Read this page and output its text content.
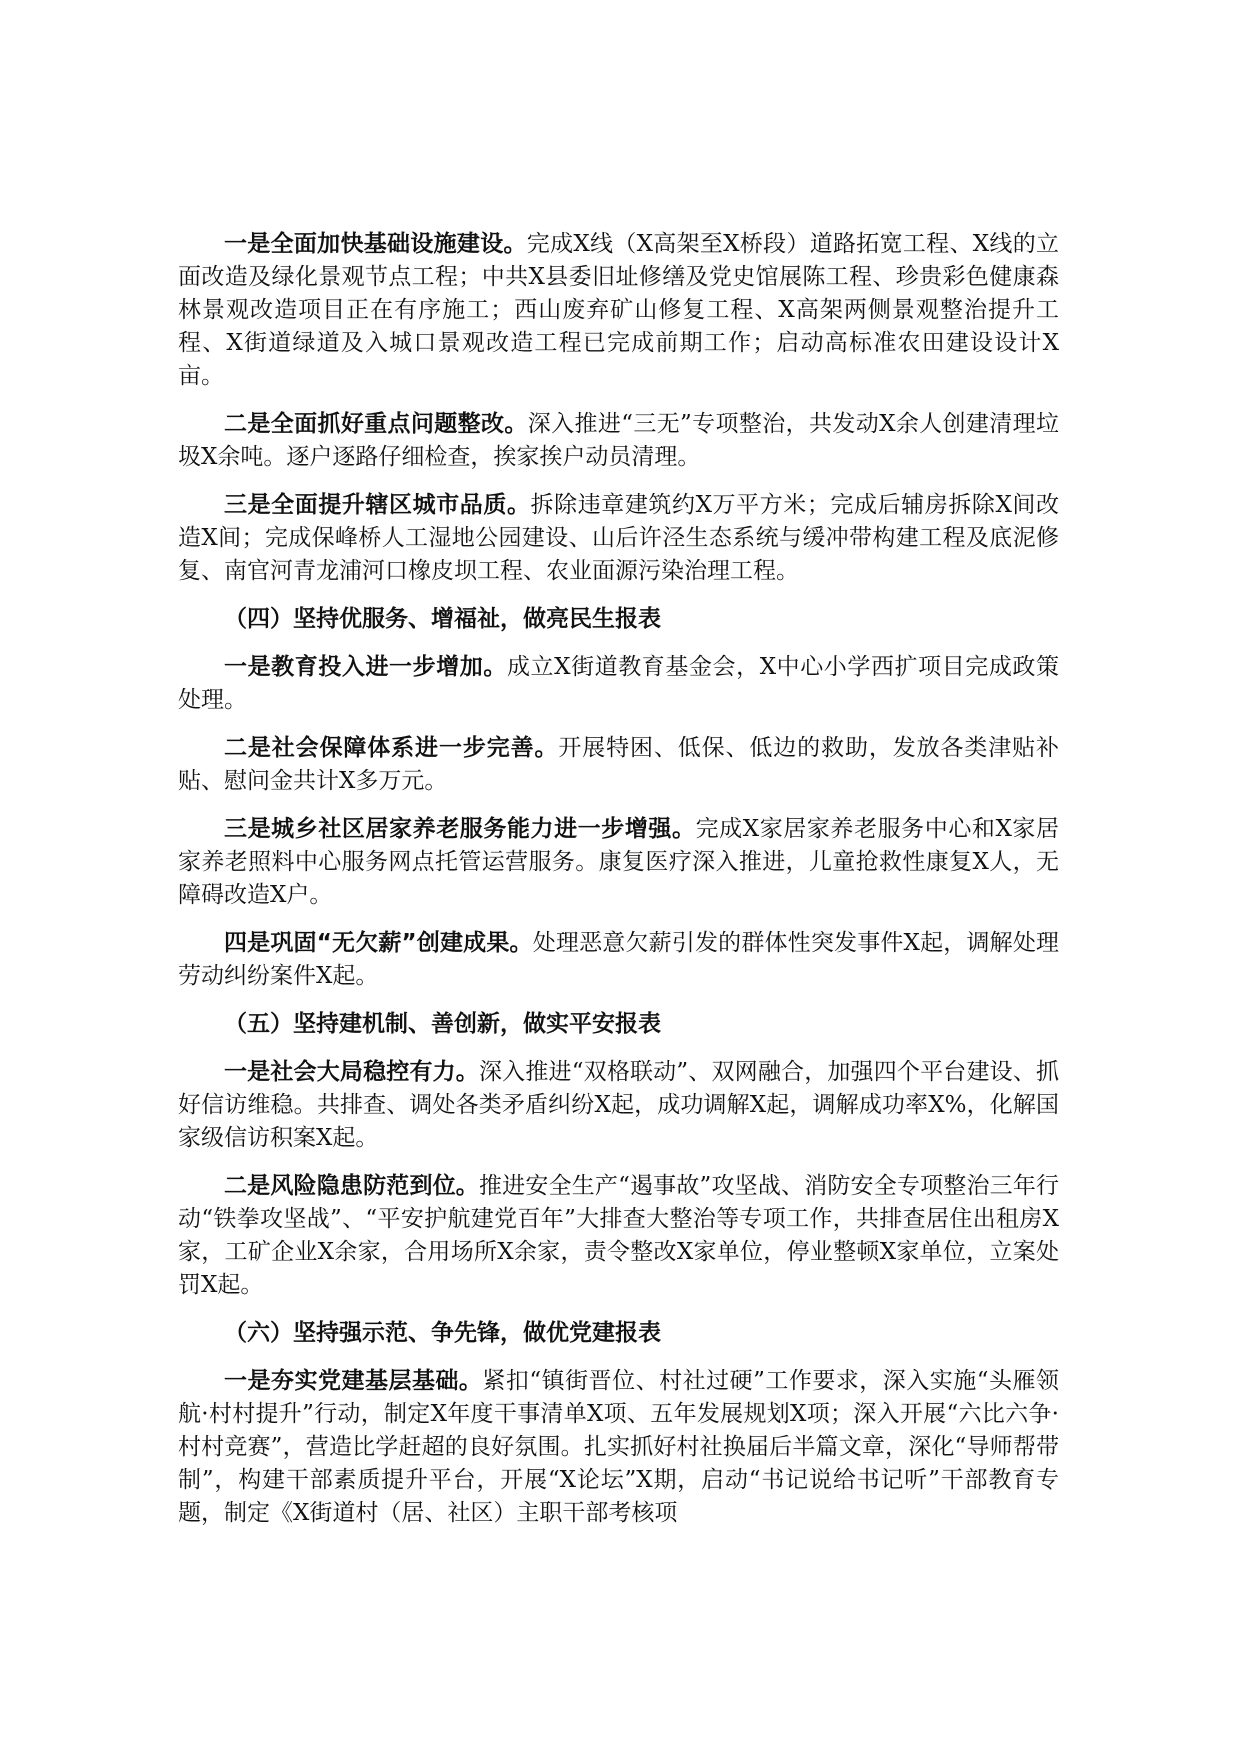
一是全面加快基础设施建设。完成X线（X高架至X桥段）道路拓宽工程、X线的立面改造及绿化景观节点工程；中共X县委旧址修缮及党史馆展陈工程、珍贵彩色健康森林景观改造项目正在有序施工；西山废弃矿山修复工程、X高架两侧景观整治提升工程、X街道绿道及入城口景观改造工程已完成前期工作；启动高标准农田建设设计X亩。

二是全面抓好重点问题整改。深入推进“三无”专项整治，共发动X余人创建清理垃圾X余吨。逐户逐路仔细检查，挨家挨户动员清理。

三是全面提升辖区城市品质。拆除违章建筑约X万平方米；完成后辅房拆除X间改造X间；完成保峰桥人工湿地公园建设、山后许泾生态系统与缓冲带构建工程及底泥修复、南官河青龙浦河口橡皮坝工程、农业面源污染治理工程。

（四）坚持优服务、增福祉，做亮民生报表

一是教育投入进一步增加。成立X街道教育基金会，X中心小学西扩项目完成政策处理。

二是社会保障体系进一步完善。开展特困、低保、低边的救助，发放各类津贴补贴、慰问金共计X多万元。

三是城乡社区居家养老服务能力进一步增强。完成X家居家养老服务中心和X家居家养老照料中心服务网点托管运营服务。康复医疗深入推进，儿童抢救性康复X人，无障碍改造X户。

四是巩固“无欠薪”创建成果。处理恶意欠薪引发的群体性突发事件X起，调解处理劳动纠纷案件X起。

（五）坚持建机制、善创新，做实平安报表

一是社会大局稳控有力。深入推进“双格联动”、双网融合，加强四个平台建设、抓好信访维稳。共排查、调处各类矛盾纠纷X起，成功调解X起，调解成功率X%，化解国家级信访积案X起。

二是风险隐患防范到位。推进安全生产“遏事故”攻坚战、消防安全专项整治三年行动“铁拳攻坚战”、“平安护航建党百年”大排查大整治等专项工作，共排查居住出租房X家，工矿企业X余家，合用场所X余家，责令整改X家单位，停业整顿X家单位，立案处罚X起。

（六）坚持强示范、争先锋，做优党建报表

一是夯实党建基层基础。紧扣“镇街晋位、村社过硬”工作要求，深入实施“头雁领航·村村提升”行动，制定X年度干事清单X项、五年发展规划X项；深入开展“六比六争·村村竞赛”，营造比学赶超的良好氛围。扎实抓好村社换届后半篇文章，深化“导师帮带制”，构建干部素质提升平台，开展“X论坛”X期，启动“书记说给书记听”干部教育专题，制定《X街道村（居、社区）主职干部考核项
